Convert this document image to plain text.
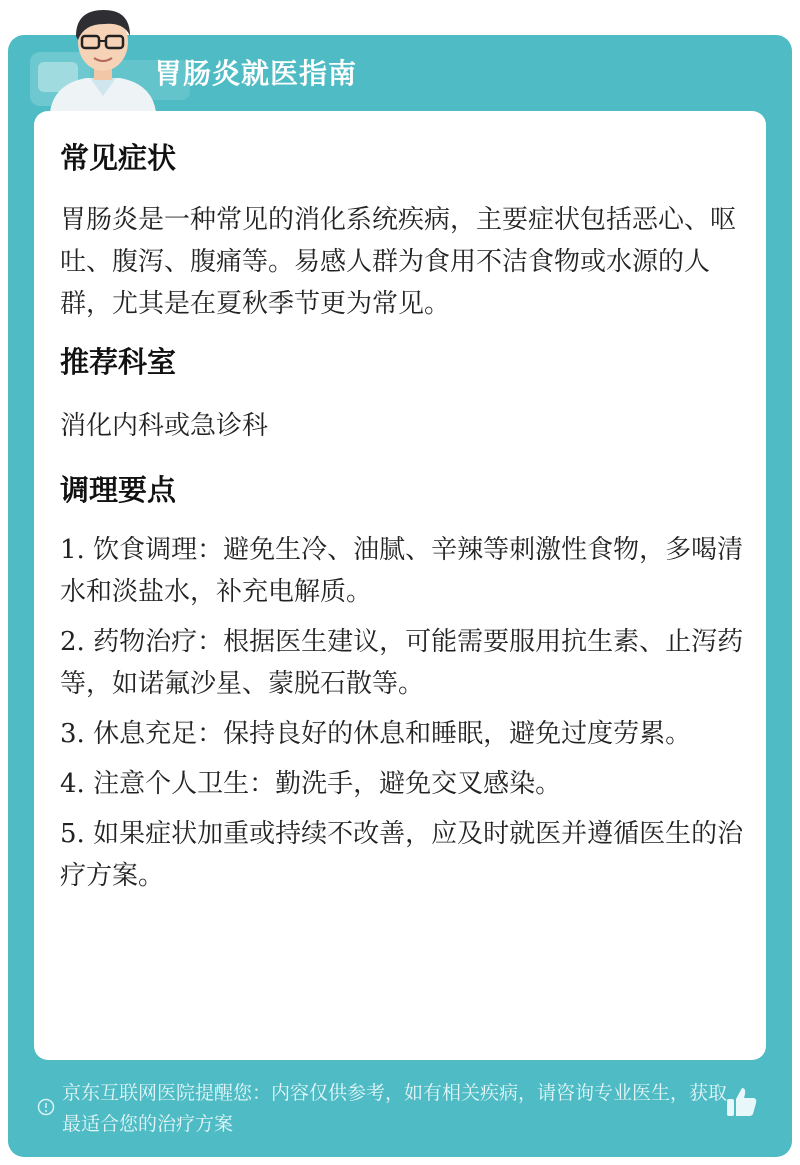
胃肠炎就医指南
常见症状

胃肠炎是一种常见的消化系统疾病，主要症状包括恶心、呕吐、腹泻、腹痛等。易感人群为食用不洁食物或水源的人群，尤其是在夏秋季节更为常见。

推荐科室

消化内科或急诊科

调理要点

1. 饮食调理：避免生冷、油腻、辛辣等刺激性食物，多喝清水和淡盐水，补充电解质。

2. 药物治疗：根据医生建议，可能需要服用抗生素、止泻药等，如诺氟沙星、蒙脱石散等。

3. 休息充足：保持良好的休息和睡眠，避免过度劳累。

4. 注意个人卫生：勤洗手，避免交叉感染。

5. 如果症状加重或持续不改善，应及时就医并遵循医生的治疗方案。

京东互联网医院提醒您：内容仅供参考，如有相关疾病，请咨询专业医生，获取最适合您的治疗方案
